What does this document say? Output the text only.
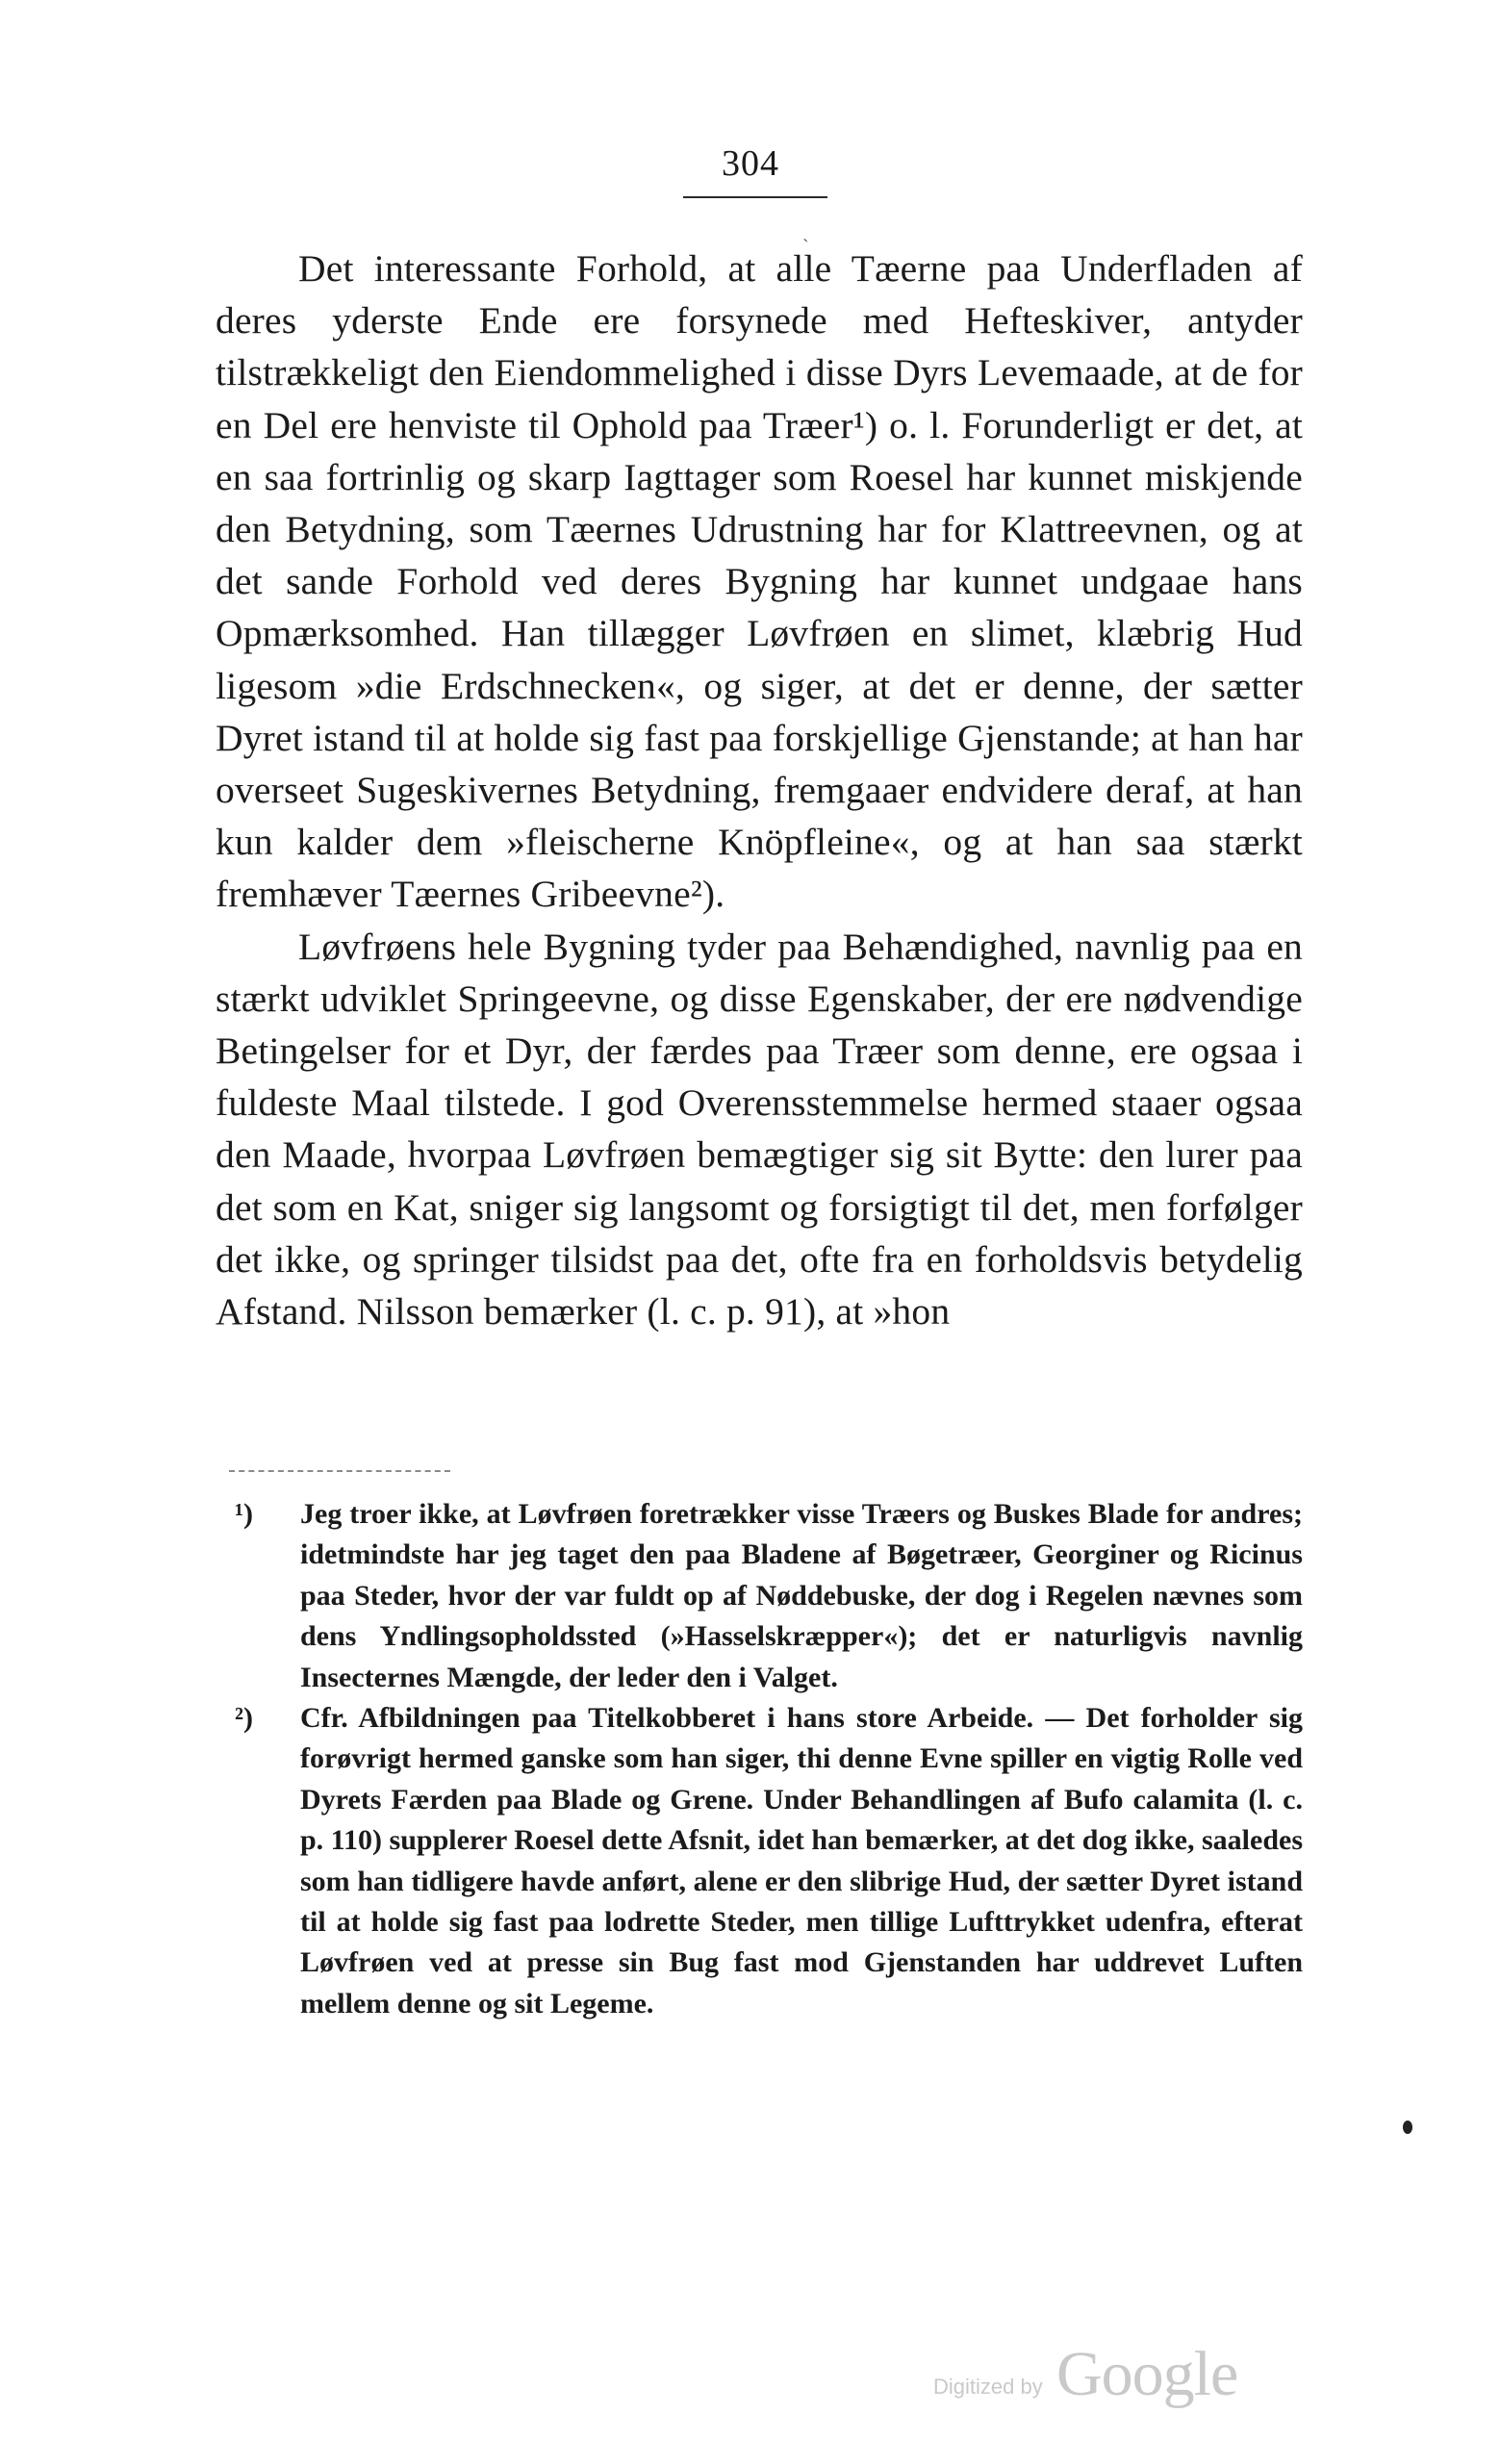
304
ˎ

Det interessante Forhold, at alle Tæerne paa Underfladen af deres yderste Ende ere forsynede med Hefteskiver, antyder tilstrækkeligt den Eiendommelighed i disse Dyrs Levemaade, at de for en Del ere henviste til Ophold paa Træer¹) o. l. Forunderligt er det, at en saa fortrinlig og skarp Iagttager som Roesel har kunnet miskjende den Betydning, som Tæernes Udrustning har for Klattreevnen, og at det sande Forhold ved deres Bygning har kunnet undgaae hans Opmærksomhed. Han tillægger Løvfrøen en slimet, klæbrig Hud ligesom »die Erdschnecken«, og siger, at det er denne, der sætter Dyret istand til at holde sig fast paa forskjellige Gjenstande; at han har overseet Sugeskivernes Betydning, fremgaaer endvidere deraf, at han kun kalder dem »fleischerne Knöpfleine«, og at han saa stærkt fremhæver Tæernes Gribeevne²).

Løvfrøens hele Bygning tyder paa Behændighed, navnlig paa en stærkt udviklet Springeevne, og disse Egenskaber, der ere nødvendige Betingelser for et Dyr, der færdes paa Træer som denne, ere ogsaa i fuldeste Maal tilstede. I god Overensstemmelse hermed staaer ogsaa den Maade, hvorpaa Løvfrøen bemægtiger sig sit Bytte: den lurer paa det som en Kat, sniger sig langsomt og forsigtigt til det, men forfølger det ikke, og springer tilsidst paa det, ofte fra en forholdsvis betydelig Afstand. Nilsson bemærker (l. c. p. 91), at »hon

¹) Jeg troer ikke, at Løvfrøen foretrækker visse Træers og Buskes Blade for andres; idetmindste har jeg taget den paa Bladene af Bøgetræer, Georginer og Ricinus paa Steder, hvor der var fuldt op af Nøddebuske, der dog i Regelen nævnes som dens Yndlingsopholdssted (»Hasselskræpper«); det er naturligvis navnlig Insecternes Mængde, der leder den i Valget.
²) Cfr. Afbildningen paa Titelkobberet i hans store Arbeide. — Det forholder sig forøvrigt hermed ganske som han siger, thi denne Evne spiller en vigtig Rolle ved Dyrets Færden paa Blade og Grene. Under Behandlingen af Bufo calamita (l. c. p. 110) supplerer Roesel dette Afsnit, idet han bemærker, at det dog ikke, saaledes som han tidligere havde anført, alene er den slibrige Hud, der sætter Dyret istand til at holde sig fast paa lodrette Steder, men tillige Lufttrykket udenfra, efterat Løvfrøen ved at presse sin Bug fast mod Gjenstanden har uddrevet Luften mellem denne og sit Legeme.
Digitized by Google
